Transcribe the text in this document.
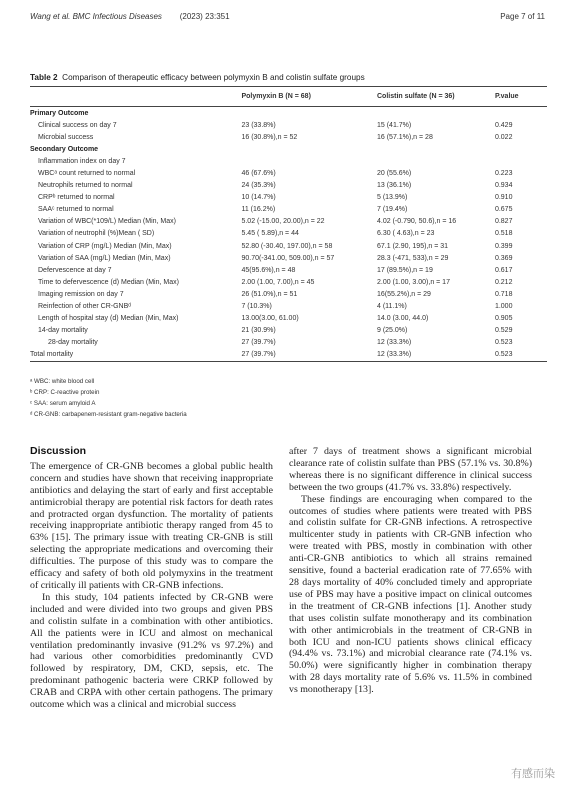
Wang et al. BMC Infectious Diseases (2023) 23:351	Page 7 of 11
Table 2 Comparison of therapeutic efficacy between polymyxin B and colistin sulfate groups
	Polymyxin B (N = 68)	Colistin sulfate (N = 36)	P.value
Primary Outcome			
Clinical success on day 7	23 (33.8%)	15 (41.7%)	0.429
Microbial success	16 (30.8%),n = 52	16 (57.1%),n = 28	0.022
Secondary Outcome			
Inflammation index on day 7			
WBCᵃ count returned to normal	46 (67.6%)	20 (55.6%)	0.223
Neutrophils returned to normal	24 (35.3%)	13 (36.1%)	0.934
CRPᵇ returned to normal	10 (14.7%)	5 (13.9%)	0.910
SAAᶜ returned to normal	11 (16.2%)	7 (19.4%)	0.675
Variation of WBC(*109/L) Median (Min, Max)	5.02 (-15.00, 20.00),n = 22	4.02 (-0.790, 50.6),n = 16	0.827
Variation of neutrophil (%)Mean ( SD)	5.45 ( 5.89),n = 44	6.30 ( 4.63),n = 23	0.518
Variation of CRP (mg/L) Median (Min, Max)	52.80 (-30.40, 197.00),n = 58	67.1 (2.90, 195),n = 31	0.399
Variation of SAA (mg/L) Median (Min, Max)	90.70(-341.00, 509.00),n = 57	28.3 (-471, 533),n = 29	0.369
Defervescence at day 7	45(95.6%),n = 48	17 (89.5%),n = 19	0.617
Time to defervescence (d) Median (Min, Max)	2.00 (1.00, 7.00),n = 45	2.00 (1.00, 3.00),n = 17	0.212
Imaging remission on day 7	26 (51.0%),n = 51	16(55.2%),n = 29	0.718
Reinfection of other CR-GNBᵈ	7 (10.3%)	4 (11.1%)	1.000
Length of hospital stay (d) Median (Min, Max)	13.00(3.00, 61.00)	14.0 (3.00, 44.0)	0.905
14-day mortality	21 (30.9%)	9 (25.0%)	0.529
28-day mortality	27 (39.7%)	12 (33.3%)	0.523
Total mortality	27 (39.7%)	12 (33.3%)	0.523
ᵃ WBC: white blood cell
ᵇ CRP: C-reactive protein
ᶜ SAA: serum amyloid A
ᵈ CR-GNB: carbapenem-resistant gram-negative bacteria
Discussion

The emergence of CR-GNB becomes a global public health concern and studies have shown that receiving inappropriate antibiotics and delaying the start of early and first acceptable antimicrobial therapy are potential risk factors for death rates and protracted organ dysfunction. The mortality of patients receiving inappropriate antibiotic therapy ranged from 45 to 63% [15]. The primary issue with treating CR-GNB is still selecting the appropriate medications and overcoming their difficulties. The purpose of this study was to compare the efficacy and safety of both old polymyxins in the treatment of critically ill patients with CR-GNB infections.

In this study, 104 patients infected by CR-GNB were included and were divided into two groups and given PBS and colistin sulfate in a combination with other antibiotics. All the patients were in ICU and almost on mechanical ventilation predominantly invasive (91.2% vs 97.2%) and had various other comorbidities predominantly CVD followed by respiratory, DM, CKD, sepsis, etc. The predominant pathogenic bacteria were CRKP followed by CRAB and CRPA with other certain pathogens. The primary outcome which was a clinical and microbial success

after 7 days of treatment shows a significant microbial clearance rate of colistin sulfate than PBS (57.1% vs. 30.8%) whereas there is no significant difference in clinical success between the two groups (41.7% vs. 33.8%) respectively.

These findings are encouraging when compared to the outcomes of studies where patients were treated with PBS and colistin sulfate for CR-GNB infections. A retrospective multicenter study in patients with CR-GNB infection who were treated with PBS, mostly in combination with other anti-CR-GNB antibiotics to which all strains remained sensitive, found a bacterial eradication rate of 77.65% with 28 days mortality of 40% concluded timely and appropriate use of PBS may have a positive impact on clinical outcomes in the treatment of CR-GNB infections [1]. Another study that uses colistin sulfate monotherapy and its combination with other antimicrobials in the treatment of CR-GNB in both ICU and non-ICU patients shows clinical efficacy (94.4% vs. 73.1%) and microbial clearance rate (74.1% vs. 50.0%) were significantly higher in combination therapy with 28 days mortality rate of 5.6% vs. 11.5% in combined vs monotherapy [13].

有感而染
